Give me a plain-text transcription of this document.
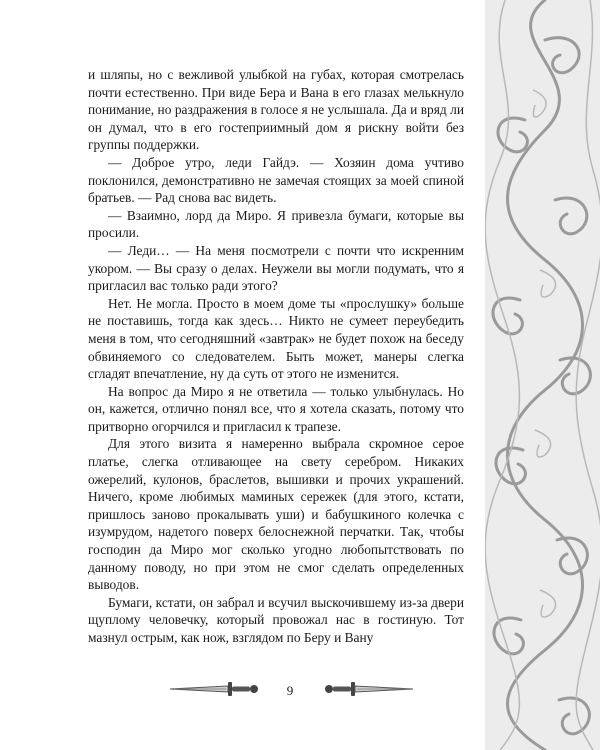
и шляпы, но с вежливой улыбкой на губах, которая смотрелась почти естественно. При виде Бера и Вана в его глазах мелькнуло понимание, но раздражения в голосе я не услышала. Да и вряд ли он думал, что в его гостеприимный дом я рискну войти без группы поддержки.

— Доброе утро, леди Гайдэ. — Хозяин дома учтиво поклонился, демонстративно не замечая стоящих за моей спиной братьев. — Рад снова вас видеть.

— Взаимно, лорд да Миро. Я привезла бумаги, которые вы просили.

— Леди… — На меня посмотрели с почти что искренним укором. — Вы сразу о делах. Неужели вы могли подумать, что я пригласил вас только ради этого?

Нет. Не могла. Просто в моем доме ты «прослушку» больше не поставишь, тогда как здесь… Никто не сумеет переубедить меня в том, что сегодняшний «завтрак» не будет похож на беседу обвиняемого со следователем. Быть может, манеры слегка сгладят впечатление, ну да суть от этого не изменится.

На вопрос да Миро я не ответила — только улыбнулась. Но он, кажется, отлично понял все, что я хотела сказать, потому что притворно огорчился и пригласил к трапезе.

Для этого визита я намеренно выбрала скромное серое платье, слегка отливающее на свету серебром. Никаких ожерелий, кулонов, браслетов, вышивки и прочих украшений. Ничего, кроме любимых маминых сережек (для этого, кстати, пришлось заново прокалывать уши) и бабушкиного колечка с изумрудом, надетого поверх белоснежной перчатки. Так, чтобы господин да Миро мог сколько угодно любопытствовать по данному поводу, но при этом не смог сделать определенных выводов.

Бумаги, кстати, он забрал и всучил выскочившему из-за двери щуплому человечку, который провожал нас в гостиную. Тот мазнул острым, как нож, взглядом по Беру и Вану

9
